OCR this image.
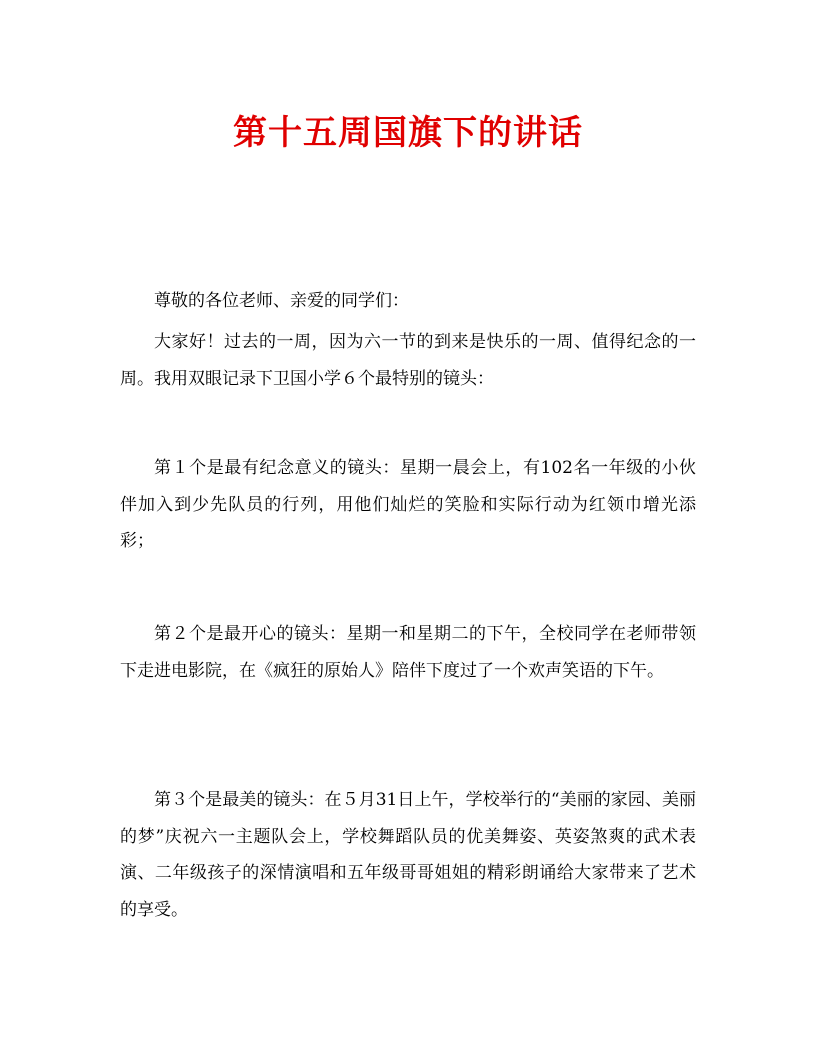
第十五周国旗下的讲话

尊敬的各位老师、亲爱的同学们：

大家好！过去的一周，因为六一节的到来是快乐的一周、值得纪念的一周。我用双眼记录下卫国小学６个最特别的镜头：

第１个是最有纪念意义的镜头：星期一晨会上，有102名一年级的小伙伴加入到少先队员的行列，用他们灿烂的笑脸和实际行动为红领巾增光添彩；

第２个是最开心的镜头：星期一和星期二的下午，全校同学在老师带领下走进电影院，在《疯狂的原始人》陪伴下度过了一个欢声笑语的下午。

第３个是最美的镜头：在５月31日上午，学校举行的“美丽的家园、美丽的梦”庆祝六一主题队会上，学校舞蹈队员的优美舞姿、英姿煞爽的武术表演、二年级孩子的深情演唱和五年级哥哥姐姐的精彩朗诵给大家带来了艺术的享受。
